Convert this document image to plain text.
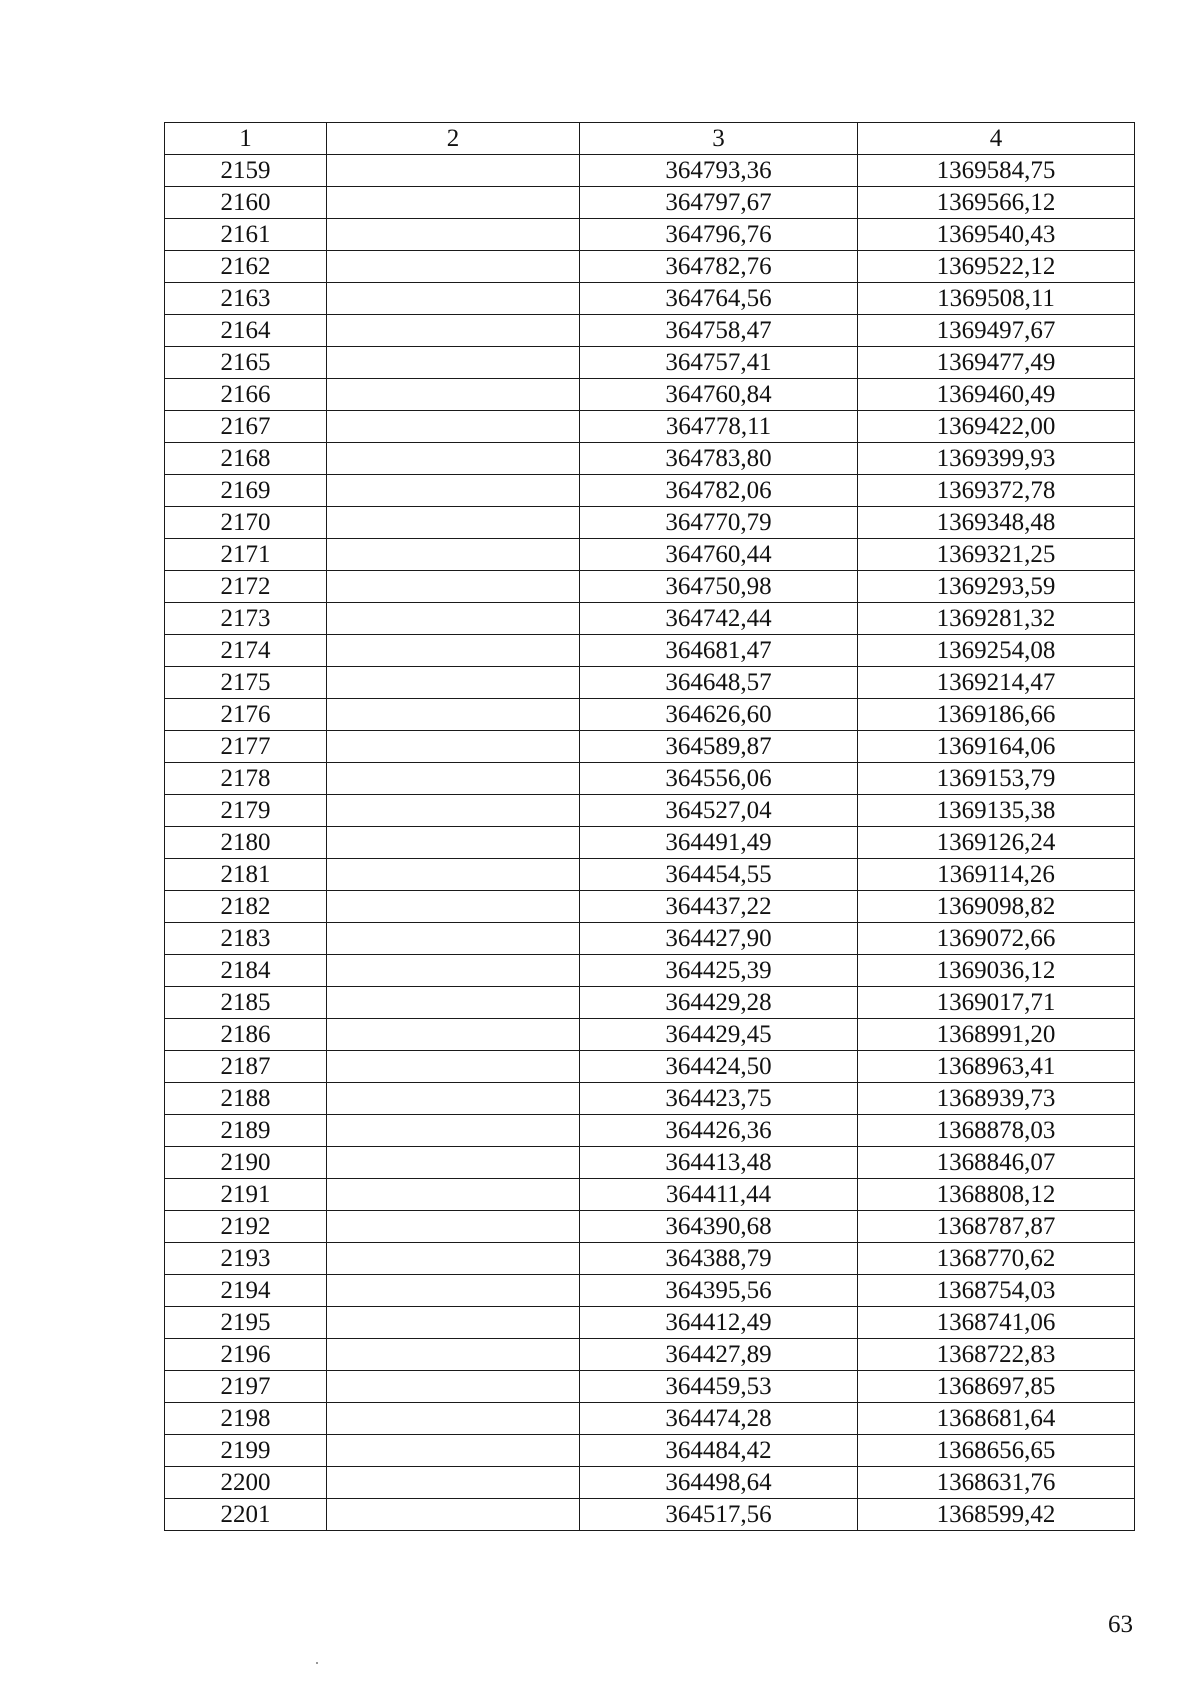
1	2	3	4
2159		364793,36	1369584,75
2160		364797,67	1369566,12
2161		364796,76	1369540,43
2162		364782,76	1369522,12
2163		364764,56	1369508,11
2164		364758,47	1369497,67
2165		364757,41	1369477,49
2166		364760,84	1369460,49
2167		364778,11	1369422,00
2168		364783,80	1369399,93
2169		364782,06	1369372,78
2170		364770,79	1369348,48
2171		364760,44	1369321,25
2172		364750,98	1369293,59
2173		364742,44	1369281,32
2174		364681,47	1369254,08
2175		364648,57	1369214,47
2176		364626,60	1369186,66
2177		364589,87	1369164,06
2178		364556,06	1369153,79
2179		364527,04	1369135,38
2180		364491,49	1369126,24
2181		364454,55	1369114,26
2182		364437,22	1369098,82
2183		364427,90	1369072,66
2184		364425,39	1369036,12
2185		364429,28	1369017,71
2186		364429,45	1368991,20
2187		364424,50	1368963,41
2188		364423,75	1368939,73
2189		364426,36	1368878,03
2190		364413,48	1368846,07
2191		364411,44	1368808,12
2192		364390,68	1368787,87
2193		364388,79	1368770,62
2194		364395,56	1368754,03
2195		364412,49	1368741,06
2196		364427,89	1368722,83
2197		364459,53	1368697,85
2198		364474,28	1368681,64
2199		364484,42	1368656,65
2200		364498,64	1368631,76
2201		364517,56	1368599,42
63
